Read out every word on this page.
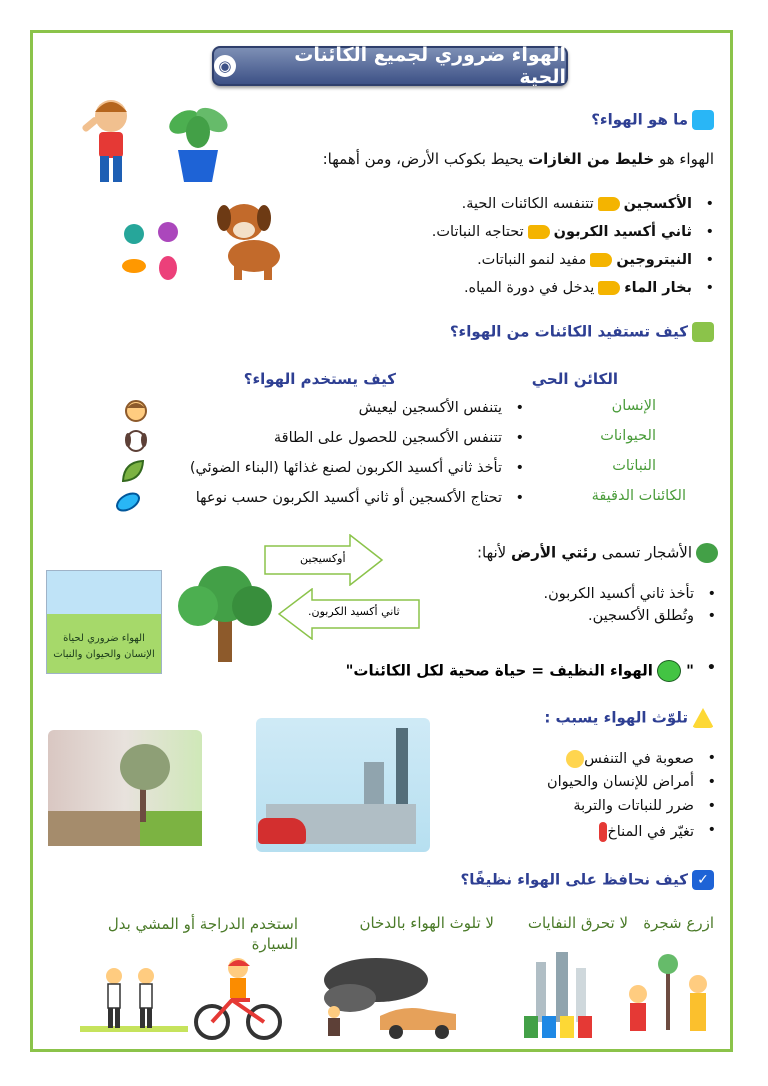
الهواء ضروري لجميع الكائنات الحية
◉
ما هو الهواء؟
الهواء هو خليط من الغازات يحيط بكوكب الأرض، ومن أهمها:
• الأكسجينتتنفسه الكائنات الحية.
• ثاني أكسيد الكربونتحتاجه النباتات.
• النيتروجينمفيد لنمو النباتات.
• بخار الماءيدخل في دورة المياه.
كيف تستفيد الكائنات من الهواء؟
الكائن الحي
كيف يستخدم الهواء؟
الإنسان
• يتنفس الأكسجين ليعيش
الحيوانات
• تتنفس الأكسجين للحصول على الطاقة
النباتات
• تأخذ ثاني أكسيد الكربون لصنع غذائها (البناء الضوئي)
الكائنات الدقيقة
• تحتاج الأكسجين أو ثاني أكسيد الكربون حسب نوعها
أوكسيجين
ثاني أكسيد الكربون.
الهواء ضروري لحياة الإنسان والحيوان والنبات
الأشجار تسمى رئتي الأرض لأنها:
• تأخذ ثاني أكسيد الكربون.
• وتُطلق الأكسجين.
" الهواء النظيف = حياة صحية لكل الكائنات"
تلوّث الهواء يسبب :
• صعوبة في التنفس
• أمراض للإنسان والحيوان
• ضرر للنباتات والتربة
• تغيّر في المناخ
✓كيف نحافظ على الهواء نظيفًا؟
ازرع شجرة
لا تحرق النفايات
لا تلوث الهواء بالدخان
استخدم الدراجة أو المشي بدل السيارة
